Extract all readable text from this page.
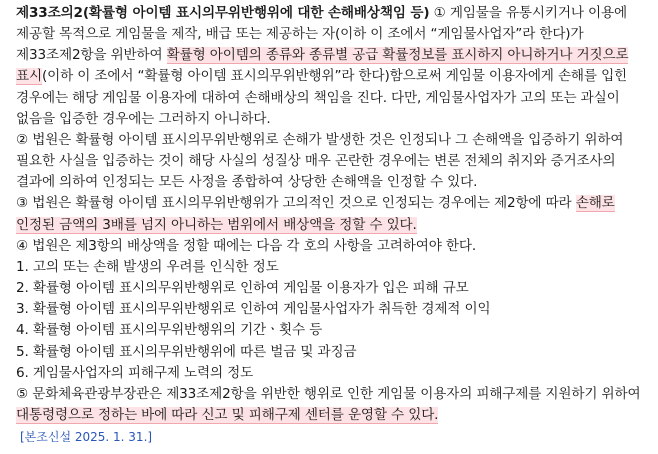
제33조의2(확률형 아이템 표시의무위반행위에 대한 손해배상책임 등) ① 게임물을 유통시키거나 이용에 제공할 목적으로 게임물을 제작, 배급 또는 제공하는 자(이하 이 조에서 “게임물사업자”라 한다)가 제33조제2항을 위반하여 확률형 아이템의 종류와 종류별 공급 확률정보를 표시하지 아니하거나 거짓으로 표시(이하 이 조에서 “확률형 아이템 표시의무위반행위”라 한다)함으로써 게임물 이용자에게 손해를 입힌 경우에는 해당 게임물 이용자에 대하여 손해배상의 책임을 진다. 다만, 게임물사업자가 고의 또는 과실이 없음을 입증한 경우에는 그러하지 아니하다.

② 법원은 확률형 아이템 표시의무위반행위로 손해가 발생한 것은 인정되나 그 손해액을 입증하기 위하여 필요한 사실을 입증하는 것이 해당 사실의 성질상 매우 곤란한 경우에는 변론 전체의 취지와 증거조사의 결과에 의하여 인정되는 모든 사정을 종합하여 상당한 손해액을 인정할 수 있다.

③ 법원은 확률형 아이템 표시의무위반행위가 고의적인 것으로 인정되는 경우에는 제2항에 따라 손해로 인정된 금액의 3배를 넘지 아니하는 범위에서 배상액을 정할 수 있다.

④ 법원은 제3항의 배상액을 정할 때에는 다음 각 호의 사항을 고려하여야 한다.

1. 고의 또는 손해 발생의 우려를 인식한 정도

2. 확률형 아이템 표시의무위반행위로 인하여 게임물 이용자가 입은 피해 규모

3. 확률형 아이템 표시의무위반행위로 인하여 게임물사업자가 취득한 경제적 이익

4. 확률형 아이템 표시의무위반행위의 기간ㆍ횟수 등

5. 확률형 아이템 표시의무위반행위에 따른 벌금 및 과징금

6. 게임물사업자의 피해구제 노력의 정도

⑤ 문화체육관광부장관은 제33조제2항을 위반한 행위로 인한 게임물 이용자의 피해구제를 지원하기 위하여 대통령령으로 정하는 바에 따라 신고 및 피해구제 센터를 운영할 수 있다.

[본조신설 2025. 1. 31.]
